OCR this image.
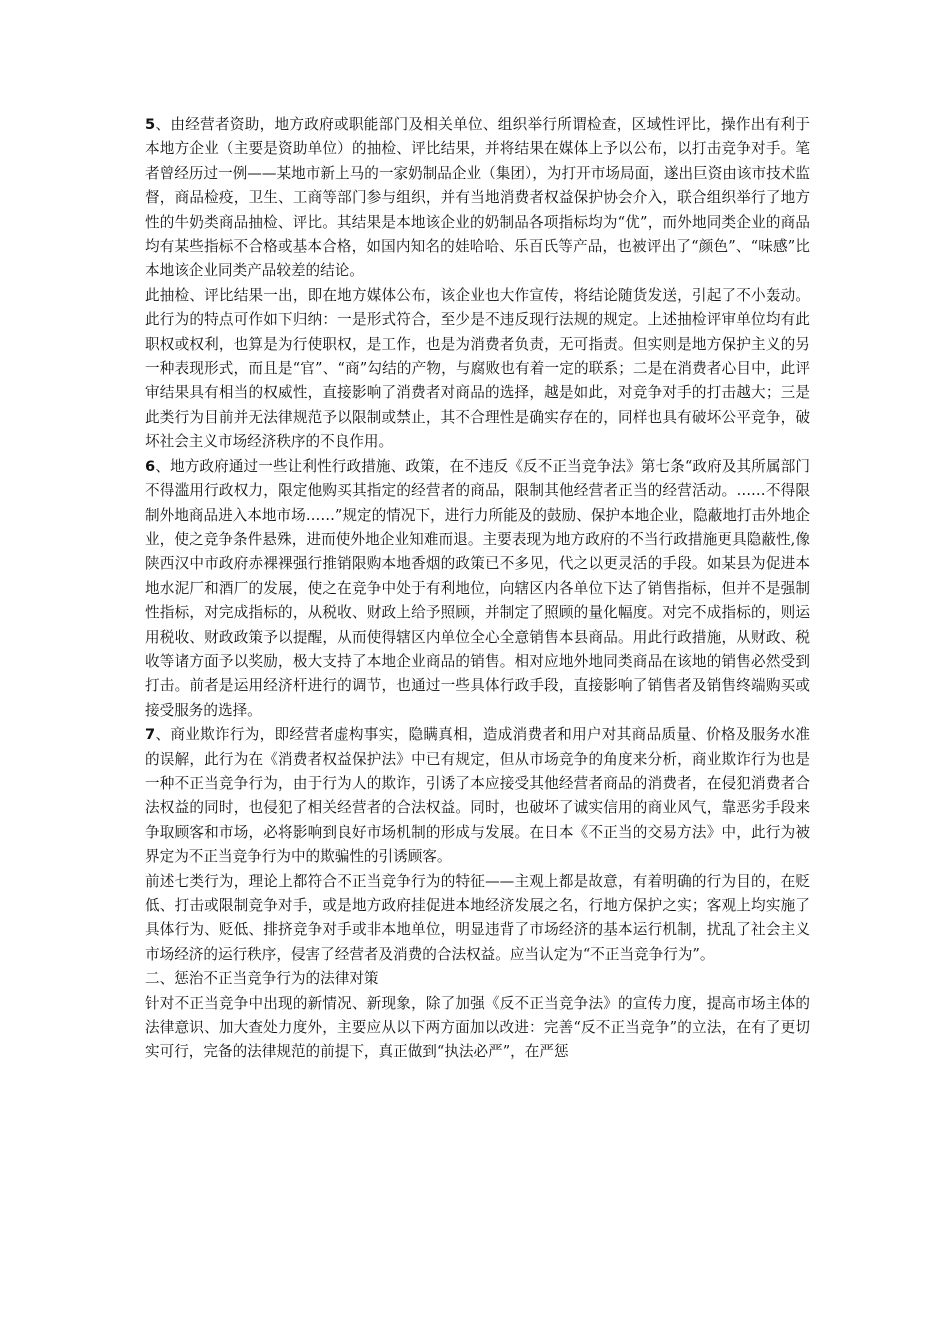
5、由经营者资助，地方政府或职能部门及相关单位、组织举行所谓检查，区域性评比，操作出有利于本地方企业（主要是资助单位）的抽检、评比结果，并将结果在媒体上予以公布，以打击竞争对手。笔者曾经历过一例——某地市新上马的一家奶制品企业（集团），为打开市场局面，遂出巨资由该市技术监督，商品检疫，卫生、工商等部门参与组织，并有当地消费者权益保护协会介入，联合组织举行了地方性的牛奶类商品抽检、评比。其结果是本地该企业的奶制品各项指标均为“优”，而外地同类企业的商品均有某些指标不合格或基本合格，如国内知名的娃哈哈、乐百氏等产品，也被评出了“颜色”、“味感”比本地该企业同类产品较差的结论。

此抽检、评比结果一出，即在地方媒体公布，该企业也大作宣传，将结论随货发送，引起了不小轰动。此行为的特点可作如下归纳：一是形式符合，至少是不违反现行法规的规定。上述抽检评审单位均有此职权或权利，也算是为行使职权，是工作，也是为消费者负责，无可指责。但实则是地方保护主义的另一种表现形式，而且是“官”、“商”勾结的产物，与腐败也有着一定的联系；二是在消费者心目中，此评审结果具有相当的权威性，直接影响了消费者对商品的选择，越是如此，对竞争对手的打击越大；三是此类行为目前并无法律规范予以限制或禁止，其不合理性是确实存在的，同样也具有破坏公平竞争，破坏社会主义市场经济秩序的不良作用。

6、地方政府通过一些让利性行政措施、政策，在不违反《反不正当竞争法》第七条“政府及其所属部门不得滥用行政权力，限定他购买其指定的经营者的商品，限制其他经营者正当的经营活动。……不得限制外地商品进入本地市场……”规定的情况下，进行力所能及的鼓励、保护本地企业，隐蔽地打击外地企业，使之竞争条件悬殊，进而使外地企业知难而退。主要表现为地方政府的不当行政措施更具隐蔽性,像陕西汉中市政府赤裸裸强行推销限购本地香烟的政策已不多见，代之以更灵活的手段。如某县为促进本地水泥厂和酒厂的发展，使之在竞争中处于有利地位，向辖区内各单位下达了销售指标，但并不是强制性指标，对完成指标的，从税收、财政上给予照顾，并制定了照顾的量化幅度。对完不成指标的，则运用税收、财政政策予以提醒，从而使得辖区内单位全心全意销售本县商品。用此行政措施，从财政、税收等诸方面予以奖励，极大支持了本地企业商品的销售。相对应地外地同类商品在该地的销售必然受到打击。前者是运用经济杆进行的调节，也通过一些具体行政手段，直接影响了销售者及销售终端购买或接受服务的选择。

7、商业欺诈行为，即经营者虚构事实，隐瞒真相，造成消费者和用户对其商品质量、价格及服务水准的误解，此行为在《消费者权益保护法》中已有规定，但从市场竞争的角度来分析，商业欺诈行为也是一种不正当竞争行为，由于行为人的欺诈，引诱了本应接受其他经营者商品的消费者，在侵犯消费者合法权益的同时，也侵犯了相关经营者的合法权益。同时，也破坏了诚实信用的商业风气，靠恶劣手段来争取顾客和市场，必将影响到良好市场机制的形成与发展。在日本《不正当的交易方法》中，此行为被界定为不正当竞争行为中的欺骗性的引诱顾客。

前述七类行为，理论上都符合不正当竞争行为的特征——主观上都是故意，有着明确的行为目的，在贬低、打击或限制竞争对手，或是地方政府挂促进本地经济发展之名，行地方保护之实；客观上均实施了具体行为、贬低、排挤竞争对手或非本地单位，明显违背了市场经济的基本运行机制，扰乱了社会主义市场经济的运行秩序，侵害了经营者及消费的合法权益。应当认定为“不正当竞争行为”。

二、惩治不正当竞争行为的法律对策

针对不正当竞争中出现的新情况、新现象，除了加强《反不正当竞争法》的宣传力度，提高市场主体的法律意识、加大查处力度外，主要应从以下两方面加以改进：完善“反不正当竞争”的立法，在有了更切实可行，完备的法律规范的前提下，真正做到“执法必严”，在严惩
